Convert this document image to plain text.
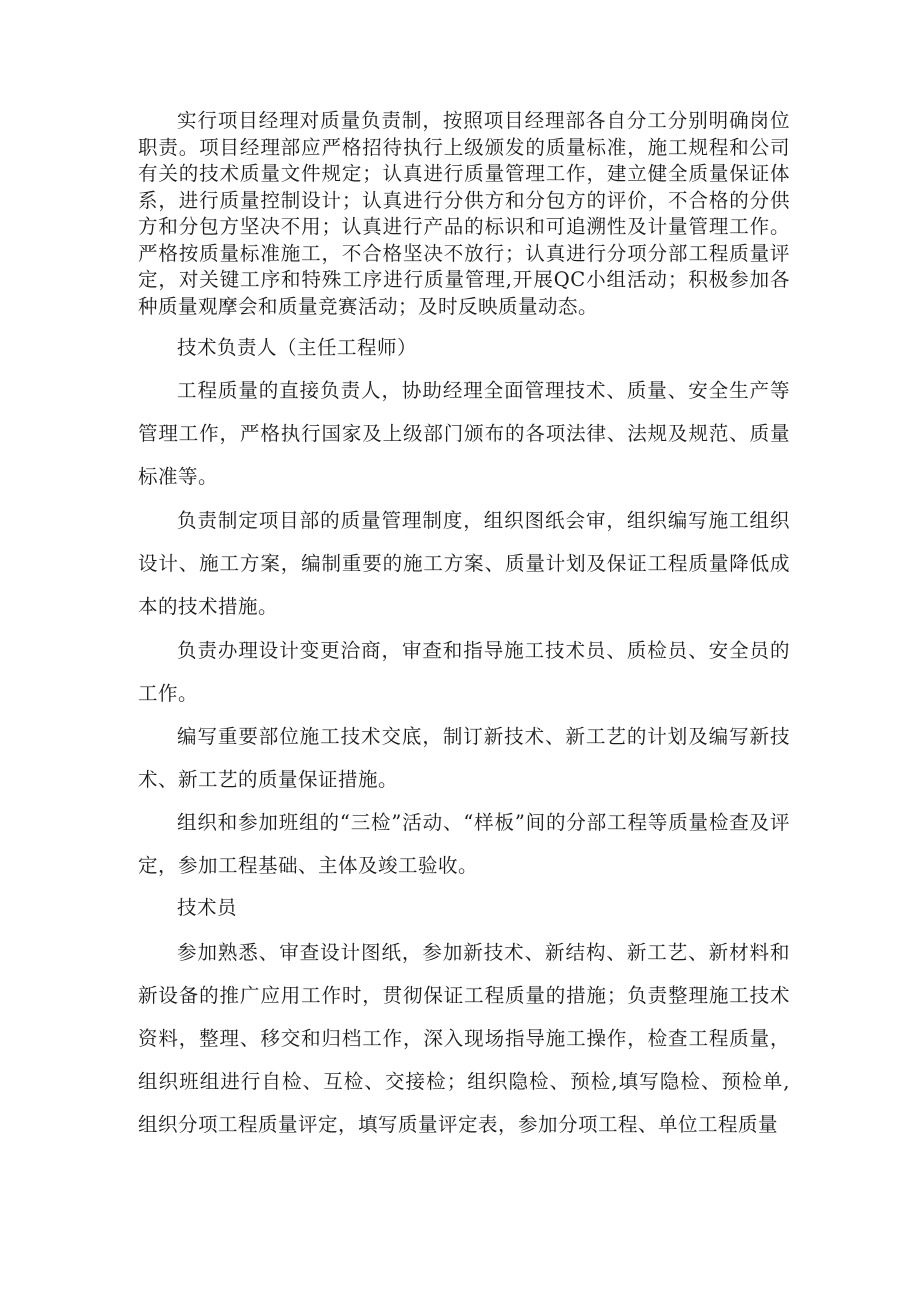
实行项目经理对质量负责制，按照项目经理部各自分工分别明确岗位职责。项目经理部应严格招待执行上级颁发的质量标准，施工规程和公司有关的技术质量文件规定；认真进行质量管理工作，建立健全质量保证体系，进行质量控制设计；认真进行分供方和分包方的评价，不合格的分供方和分包方坚决不用；认真进行产品的标识和可追溯性及计量管理工作。严格按质量标准施工，不合格坚决不放行；认真进行分项分部工程质量评定，对关键工序和特殊工序进行质量管理,开展QC小组活动；积极参加各种质量观摩会和质量竞赛活动；及时反映质量动态。

技术负责人（主任工程师）

工程质量的直接负责人，协助经理全面管理技术、质量、安全生产等管理工作，严格执行国家及上级部门颁布的各项法律、法规及规范、质量标准等。

负责制定项目部的质量管理制度，组织图纸会审，组织编写施工组织设计、施工方案，编制重要的施工方案、质量计划及保证工程质量降低成本的技术措施。

负责办理设计变更洽商，审查和指导施工技术员、质检员、安全员的工作。

编写重要部位施工技术交底，制订新技术、新工艺的计划及编写新技术、新工艺的质量保证措施。

组织和参加班组的“三检”活动、“样板”间的分部工程等质量检查及评定，参加工程基础、主体及竣工验收。

技术员

参加熟悉、审查设计图纸，参加新技术、新结构、新工艺、新材料和新设备的推广应用工作时，贯彻保证工程质量的措施；负责整理施工技术资料，整理、移交和归档工作，深入现场指导施工操作，检查工程质量，组织班组进行自检、互检、交接检；组织隐检、预检,填写隐检、预检单,组织分项工程质量评定，填写质量评定表，参加分项工程、单位工程质量
